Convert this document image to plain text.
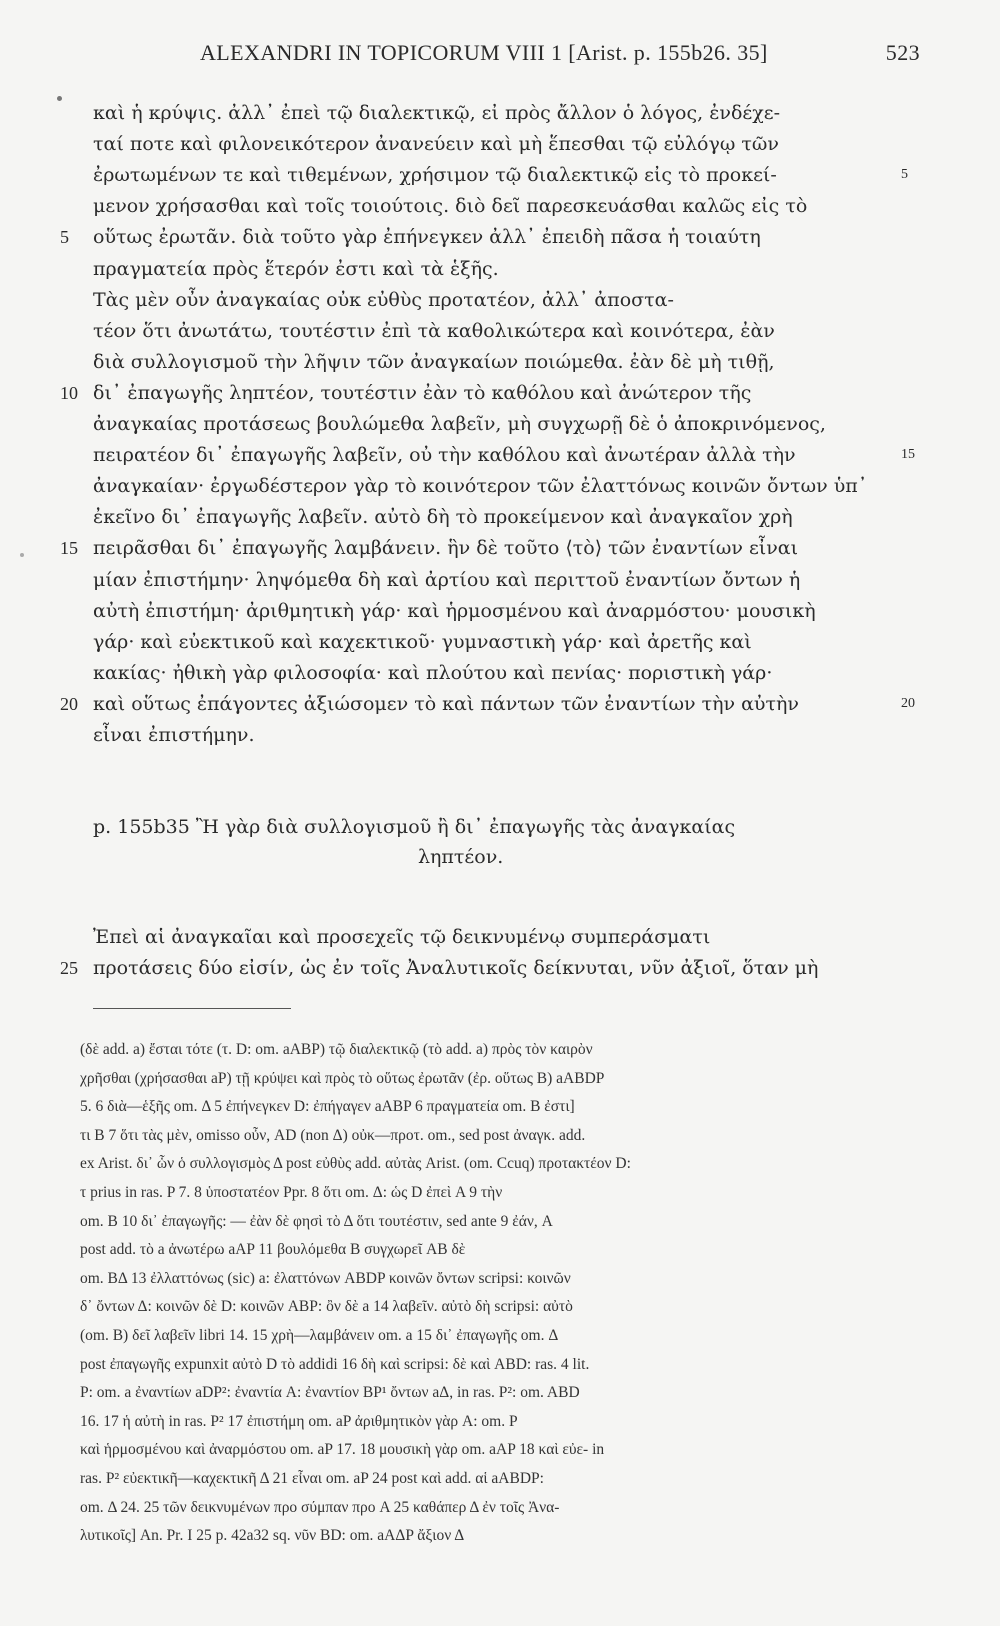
ALEXANDRI IN TOPICORUM VIII 1 [Arist. p. 155b26. 35]	523
καὶ ἡ κρύψις. ἀλλ᾽ ἐπεὶ τῷ διαλεκτικῷ, εἰ πρὸς ἄλλον ὁ λόγος, ἐνδέχε-
ταί ποτε καὶ φιλονεικότερον ἀνανεύειν καὶ μὴ ἕπεσθαι τῷ εὐλόγῳ τῶν
ἐρωτωμένων τε καὶ τιθεμένων, χρήσιμον τῷ διαλεκτικῷ εἰς τὸ προκεί-	5
μενον χρήσασθαι καὶ τοῖς τοιούτοις. διὸ δεῖ παρεσκευάσθαι καλῶς εἰς τὸ
οὕτως ἐρωτᾶν. διὰ τοῦτο γὰρ ἐπήνεγκεν ἀλλ᾽ ἐπειδὴ πᾶσα ἡ τοιαύτη
5
πραγματεία πρὸς ἕτερόν ἐστι καὶ τὰ ἑξῆς.
Τὰς μὲν οὖν ἀναγκαίας οὐκ εὐθὺς προτατέον, ἀλλ᾽ ἀποστα-
τέον ὅτι ἀνωτάτω, τουτέστιν ἐπὶ τὰ καθολικώτερα καὶ κοινότερα, ἐὰν
διὰ συλλογισμοῦ τὴν λῆψιν τῶν ἀναγκαίων ποιώμεθα. ἐὰν δὲ μὴ τιθῇ,
δι᾽ ἐπαγωγῆς ληπτέον, τουτέστιν ἐὰν τὸ καθόλου καὶ ἀνώτερον τῆς
10
ἀναγκαίας προτάσεως βουλώμεθα λαβεῖν, μὴ συγχωρῇ δὲ ὁ ἀποκρινόμενος,
πειρατέον δι᾽ ἐπαγωγῆς λαβεῖν, οὐ τὴν καθόλου καὶ ἀνωτέραν ἀλλὰ τὴν	15
ἀναγκαίαν· ἐργωδέστερον γὰρ τὸ κοινότερον τῶν ἐλαττόνως κοινῶν ὄντων ὑπ᾽
ἐκεῖνο δι᾽ ἐπαγωγῆς λαβεῖν. αὐτὸ δὴ τὸ προκείμενον καὶ ἀναγκαῖον χρὴ
πειρᾶσθαι δι᾽ ἐπαγωγῆς λαμβάνειν. ἣν δὲ τοῦτο ⟨τὸ⟩ τῶν ἐναντίων εἶναι
15
μίαν ἐπιστήμην· ληψόμεθα δὴ καὶ ἀρτίου καὶ περιττοῦ ἐναντίων ὄντων ἡ
αὐτὴ ἐπιστήμη· ἀριθμητικὴ γάρ· καὶ ἡρμοσμένου καὶ ἀναρμόστου· μουσικὴ
γάρ· καὶ εὐεκτικοῦ καὶ καχεκτικοῦ· γυμναστικὴ γάρ· καὶ ἀρετῆς καὶ
κακίας· ἠθικὴ γὰρ φιλοσοφία· καὶ πλούτου καὶ πενίας· ποριστικὴ γάρ·
καὶ οὕτως ἐπάγοντες ἀξιώσομεν τὸ καὶ πάντων τῶν ἐναντίων τὴν αὐτὴν
20	20
εἶναι ἐπιστήμην.
p. 155b35 Ἢ γὰρ διὰ συλλογισμοῦ ἢ δι᾽ ἐπαγωγῆς τὰς ἀναγκαίας
ληπτέον.
Ἐπεὶ αἱ ἀναγκαῖαι καὶ προσεχεῖς τῷ δεικνυμένῳ συμπεράσματι
προτάσεις δύο εἰσίν, ὡς ἐν τοῖς Ἀναλυτικοῖς δείκνυται, νῦν ἀξιοῖ, ὅταν μὴ
25
(δὲ add. a) ἔσται τότε (τ. D: om. aABP) τῷ διαλεκτικῷ (τὸ add. a) πρὸς τὸν καιρὸν
χρῆσθαι (χρήσασθαι aP) τῇ κρύψει καὶ πρὸς τὸ οὕτως ἐρωτᾶν (ἐρ. οὕτως B) aABDP
5. 6 διὰ—ἑξῆς om. Δ 5 ἐπήνεγκεν D: ἐπήγαγεν aABP 6 πραγματεία om. B ἐστι]
τι B 7 ὅτι τὰς μὲν, omisso οὖν, AD (non Δ) οὐκ—προτ. om., sed post ἀναγκ. add.
ex Arist. δι᾽ ὧν ὁ συλλογισμὸς Δ post εὐθὺς add. αὐτὰς Arist. (om. Ccuq) προτακτέον D:
τ prius in ras. P 7. 8 ὑποστατέον Ppr. 8 ὅτι om. Δ: ὡς D ἐπεὶ A 9 τὴν
om. B 10 δι᾽ ἐπαγωγῆς: — ἐὰν δὲ φησὶ τὸ Δ ὅτι τουτέστιν, sed ante 9 ἐάν, A
post add. τὸ a ἀνωτέρω aAP 11 βουλόμεθα B συγχωρεῖ AB δὲ
om. BΔ 13 ἐλλαττόνως (sic) a: ἐλαττόνων ABDP κοινῶν ὄντων scripsi: κοινῶν
δ᾽ ὄντων Δ: κοινῶν δὲ D: κοινῶν ABP: ὂν δὲ a 14 λαβεῖν. αὐτὸ δὴ scripsi: αὐτὸ
(om. B) δεῖ λαβεῖν libri 14. 15 χρὴ—λαμβάνειν om. a 15 δι᾽ ἐπαγωγῆς om. Δ
post ἐπαγωγῆς expunxit αὐτὸ D τὸ addidi 16 δὴ καὶ scripsi: δὲ καὶ ABD: ras. 4 lit.
P: om. a ἐναντίων aDP²: ἐναντία A: ἐναντίον BP¹ ὄντων aΔ, in ras. P²: om. ABD
16. 17 ἡ αὐτὴ in ras. P² 17 ἐπιστήμη om. aP ἀριθμητικὸν γὰρ A: om. P
καὶ ἡρμοσμένου καὶ ἀναρμόστου om. aP 17. 18 μουσικὴ γὰρ om. aAP 18 καὶ εὐε- in
ras. P² εὐεκτικῆ—καχεκτικῆ Δ 21 εἶναι om. aP 24 post καὶ add. αἱ aABDP:
om. Δ 24. 25 τῶν δεικνυμένων προ σύμπαν προ A 25 καθάπερ Δ ἐν τοῖς Ἀνα-
λυτικοῖς] An. Pr. I 25 p. 42a32 sq. νῦν BD: om. aAΔP ἄξιον Δ
